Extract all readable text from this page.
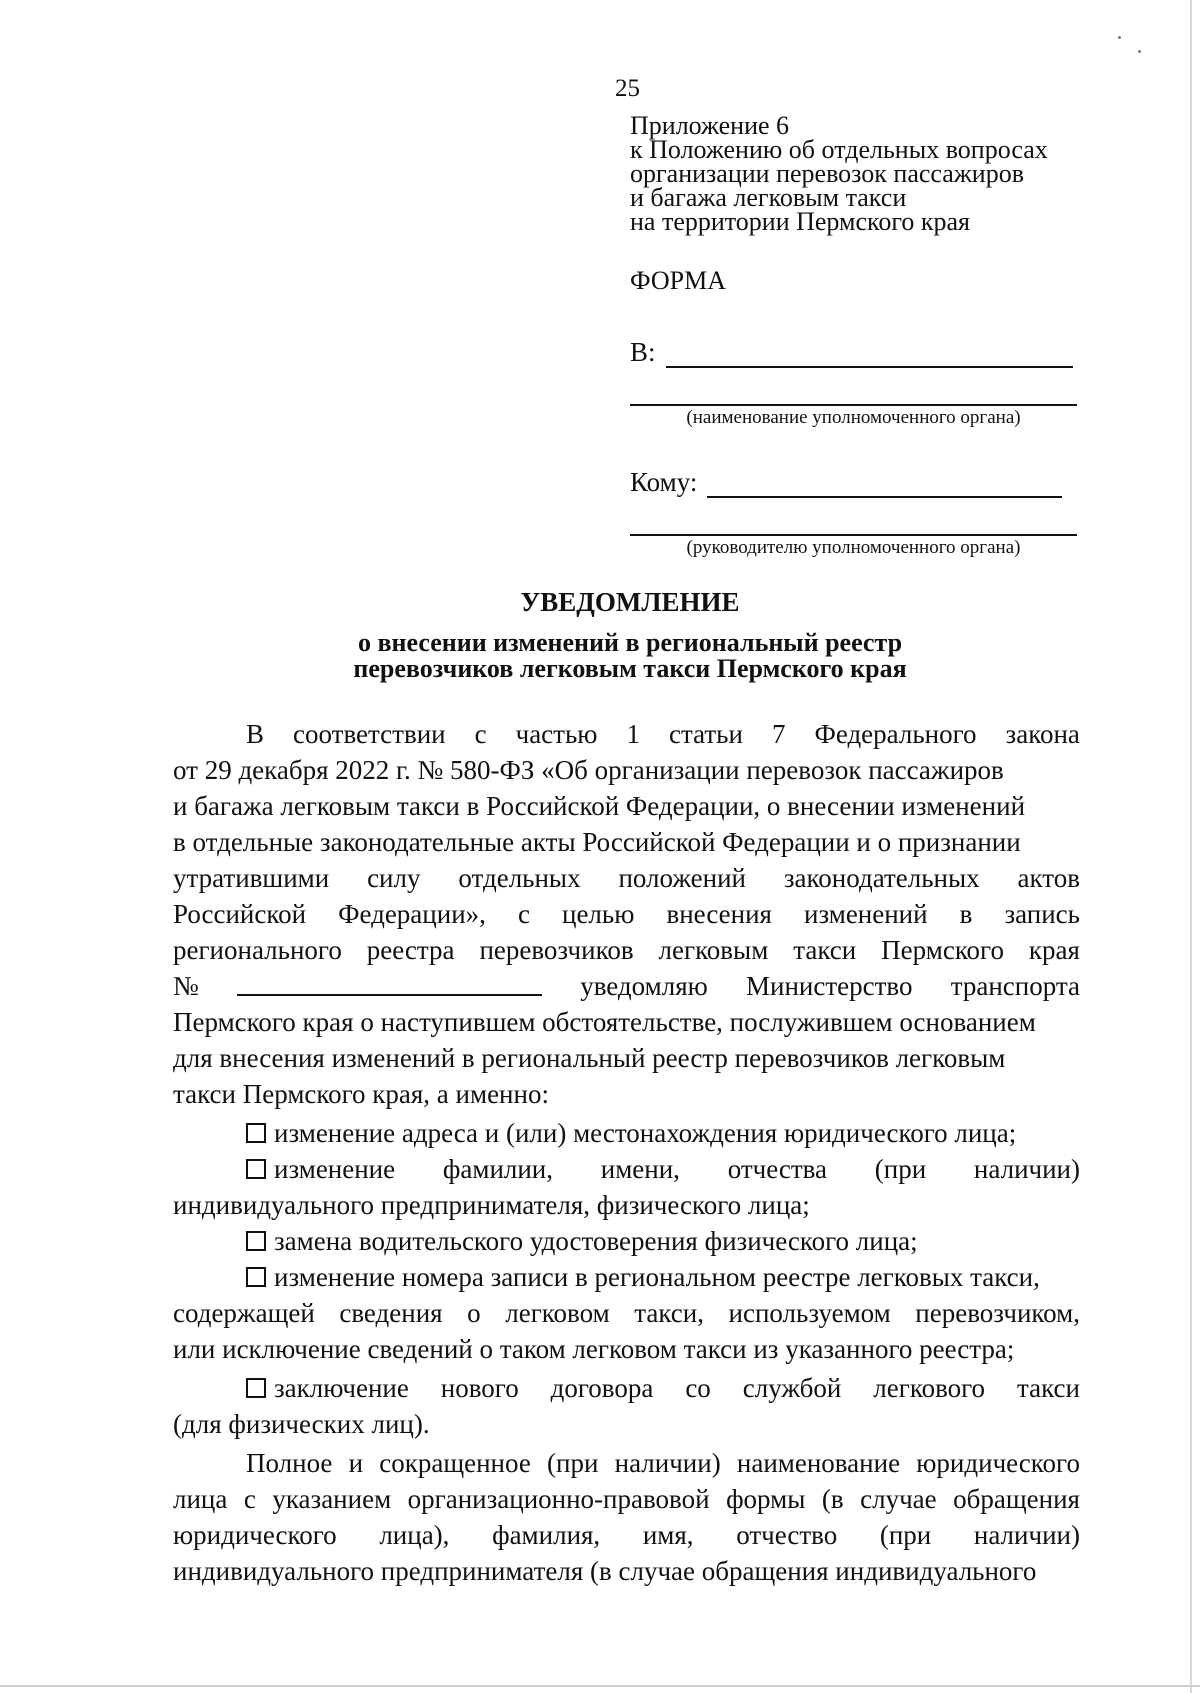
25
Приложение 6
к Положению об отдельных вопросах
организации перевозок пассажиров
и багажа легковым такси
на территории Пермского края
ФОРМА
В:
(наименование уполномоченного органа)
Кому:
(руководителю уполномоченного органа)
УВЕДОМЛЕНИЕ
о внесении изменений в региональный реестр
перевозчиков легковым такси Пермского края
В соответствии с частью 1 статьи 7 Федерального закона
от 29 декабря 2022 г. № 580-ФЗ «Об организации перевозок пассажиров
и багажа легковым такси в Российской Федерации, о внесении изменений
в отдельные законодательные акты Российской Федерации и о признании
утратившими силу отдельных положений законодательных актов
Российской Федерации», с целью внесения изменений в запись
регионального реестра перевозчиков легковым такси Пермского края
№	уведомляю Министерство транспорта
Пермского края о наступившем обстоятельстве, послужившем основанием
для внесения изменений в региональный реестр перевозчиков легковым
такси Пермского края, а именно:
изменение адреса и (или) местонахождения юридического лица;
изменение фамилии, имени, отчества (при наличии)
индивидуального предпринимателя, физического лица;
замена водительского удостоверения физического лица;
изменение номера записи в региональном реестре легковых такси,
содержащей сведения о легковом такси, используемом перевозчиком,
или исключение сведений о таком легковом такси из указанного реестра;
заключение нового договора со службой легкового такси
(для физических лиц).
Полное и сокращенное (при наличии) наименование юридического
лица с указанием организационно-правовой формы (в случае обращения
юридического лица), фамилия, имя, отчество (при наличии)
индивидуального предпринимателя (в случае обращения индивидуального
